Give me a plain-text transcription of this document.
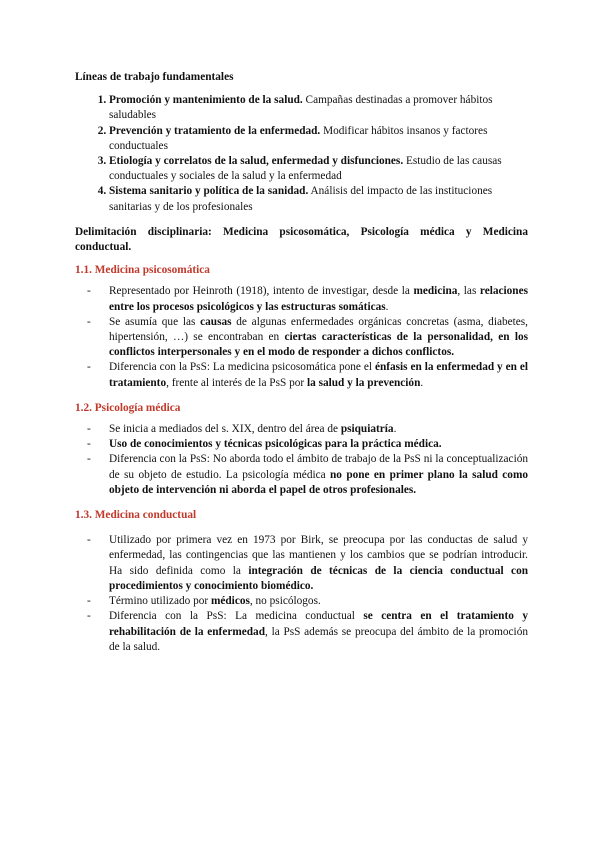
Líneas de trabajo fundamentales

1. Promoción y mantenimiento de la salud. Campañas destinadas a promover hábitos saludables
2. Prevención y tratamiento de la enfermedad. Modificar hábitos insanos y factores conductuales
3. Etiología y correlatos de la salud, enfermedad y disfunciones. Estudio de las causas conductuales y sociales de la salud y la enfermedad
4. Sistema sanitario y política de la sanidad. Análisis del impacto de las instituciones sanitarias y de los profesionales

Delimitación disciplinaria: Medicina psicosomática, Psicología médica y Medicina conductual.

1.1. Medicina psicosomática

- Representado por Heinroth (1918), intento de investigar, desde la medicina, las relaciones entre los procesos psicológicos y las estructuras somáticas.
- Se asumía que las causas de algunas enfermedades orgánicas concretas (asma, diabetes, hipertensión, …) se encontraban en ciertas características de la personalidad, en los conflictos interpersonales y en el modo de responder a dichos conflictos.
- Diferencia con la PsS: La medicina psicosomática pone el énfasis en la enfermedad y en el tratamiento, frente al interés de la PsS por la salud y la prevención.

1.2. Psicología médica

- Se inicia a mediados del s. XIX, dentro del área de psiquiatría.
- Uso de conocimientos y técnicas psicológicas para la práctica médica.
- Diferencia con la PsS: No aborda todo el ámbito de trabajo de la PsS ni la conceptualización de su objeto de estudio. La psicología médica no pone en primer plano la salud como objeto de intervención ni aborda el papel de otros profesionales.

1.3. Medicina conductual

- Utilizado por primera vez en 1973 por Birk, se preocupa por las conductas de salud y enfermedad, las contingencias que las mantienen y los cambios que se podrían introducir. Ha sido definida como la integración de técnicas de la ciencia conductual con procedimientos y conocimiento biomédico.
- Término utilizado por médicos, no psicólogos.
- Diferencia con la PsS: La medicina conductual se centra en el tratamiento y rehabilitación de la enfermedad, la PsS además se preocupa del ámbito de la promoción de la salud.
